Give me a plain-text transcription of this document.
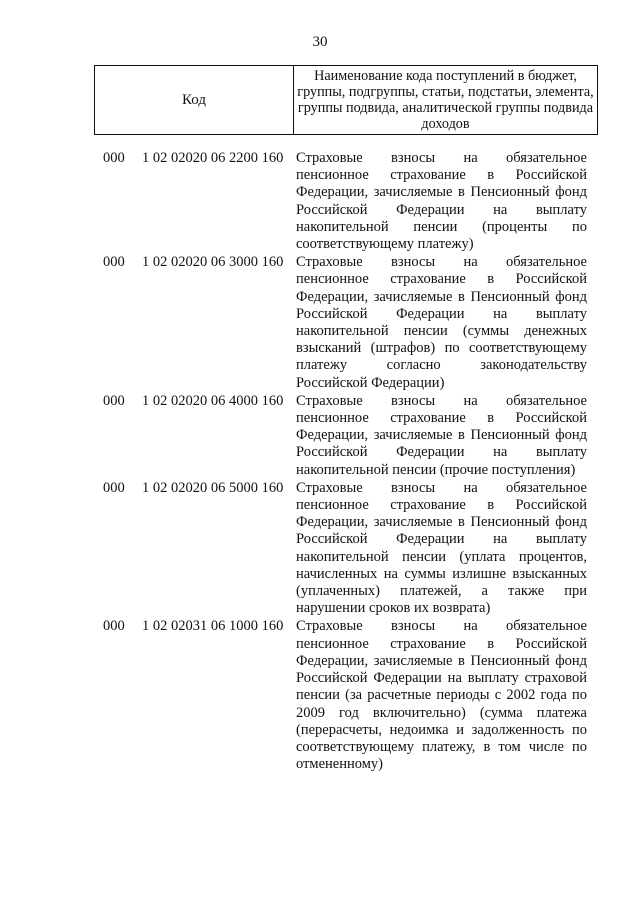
30
Код
Наименование кода поступлений в бюджет, группы, подгруппы, статьи, подстатьи, элемента, группы подвида, аналитической группы подвида доходов
000 1 02 02020 06 2200 160 Страховые взносы на обязательное пенсионное страхование в Российской Федерации, зачисляемые в Пенсионный фонд Российской Федерации на выплату накопительной пенсии (проценты по соответствующему платежу)
000 1 02 02020 06 3000 160 Страховые взносы на обязательное пенсионное страхование в Российской Федерации, зачисляемые в Пенсионный фонд Российской Федерации на выплату накопительной пенсии (суммы денежных взысканий (штрафов) по соответствующему платежу согласно законодательству Российской Федерации)
000 1 02 02020 06 4000 160 Страховые взносы на обязательное пенсионное страхование в Российской Федерации, зачисляемые в Пенсионный фонд Российской Федерации на выплату накопительной пенсии (прочие поступления)
000 1 02 02020 06 5000 160 Страховые взносы на обязательное пенсионное страхование в Российской Федерации, зачисляемые в Пенсионный фонд Российской Федерации на выплату накопительной пенсии (уплата процентов, начисленных на суммы излишне взысканных (уплаченных) платежей, а также при нарушении сроков их возврата)
000 1 02 02031 06 1000 160 Страховые взносы на обязательное пенсионное страхование в Российской Федерации, зачисляемые в Пенсионный фонд Российской Федерации на выплату страховой пенсии (за расчетные периоды с 2002 года по 2009 год включительно) (сумма платежа (перерасчеты, недоимка и задолженность по соответствующему платежу, в том числе по отмененному)
